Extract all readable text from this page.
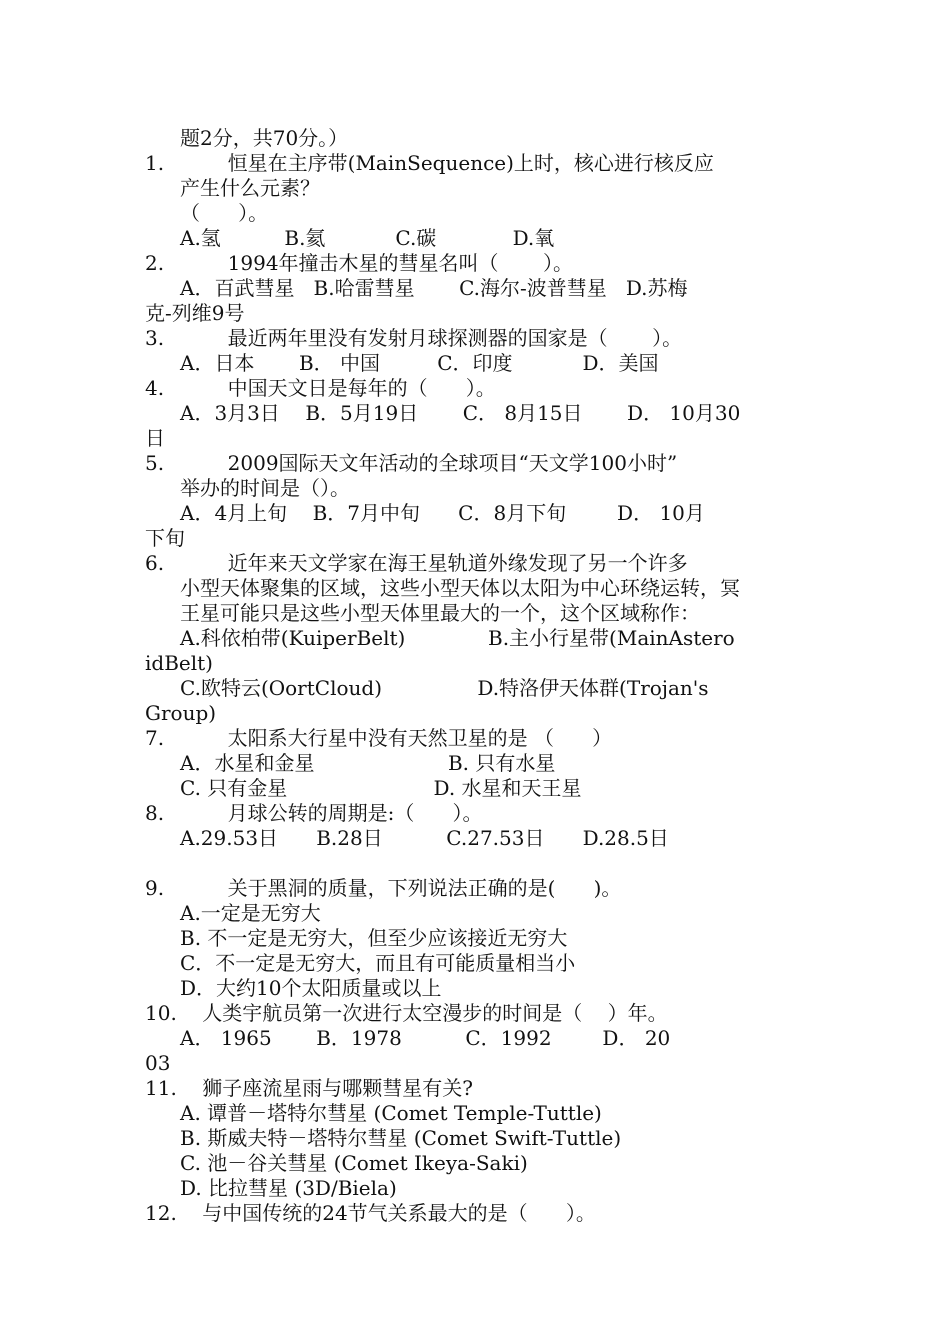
题2分，共70分。）
1.          恒星在主序带(MainSequence)上时，核心进行核反应
产生什么元素？
（      ）。
A.氢          B.氦           C.碳            D.氧
2.          1994年撞击木星的彗星名叫（       ）。
A．百武彗星   B.哈雷彗星       C.海尔-波普彗星   D.苏梅
克-列维9号
3.          最近两年里没有发射月球探测器的国家是（       ）。
A．日本       B． 中国         C．印度           D．美国
4.          中国天文日是每年的（      ）。
A．3月3日    B．5月19日       C． 8月15日       D． 10月30
日
5.          2009国际天文年活动的全球项目“天文学100小时”
举办的时间是（）。
A．4月上旬    B．7月中旬      C．8月下旬        D． 10月
下旬
6.          近年来天文学家在海王星轨道外缘发现了另一个许多
小型天体聚集的区域，这些小型天体以太阳为中心环绕运转，冥
王星可能只是这些小型天体里最大的一个，这个区域称作：
A.科依柏带(KuiperBelt)             B.主小行星带(MainAstero
idBelt)
C.欧特云(OortCloud)               D.特洛伊天体群(Trojan's
Group)
7.          太阳系大行星中没有天然卫星的是 （      ）
A．水星和金星                     B. 只有水星
C. 只有金星                       D. 水星和天王星
8.          月球公转的周期是:（      ）。
A.29.53日      B.28日          C.27.53日      D.28.5日
9.          关于黑洞的质量，下列说法正确的是(      )。
A.一定是无穷大
B. 不一定是无穷大，但至少应该接近无穷大
C．不一定是无穷大，而且有可能质量相当小
D．大约10个太阳质量或以上
10.    人类宇航员第一次进行太空漫步的时间是（    ）年。
A． 1965       B．1978          C．1992        D． 20
03
11.    狮子座流星雨与哪颗彗星有关?
A. 谭普－塔特尔彗星 (Comet Temple-Tuttle)
B. 斯威夫特－塔特尔彗星 (Comet Swift-Tuttle)
C. 池－谷关彗星 (Comet Ikeya-Saki)
D. 比拉彗星 (3D/Biela)
12.    与中国传统的24节气关系最大的是（      ）。
